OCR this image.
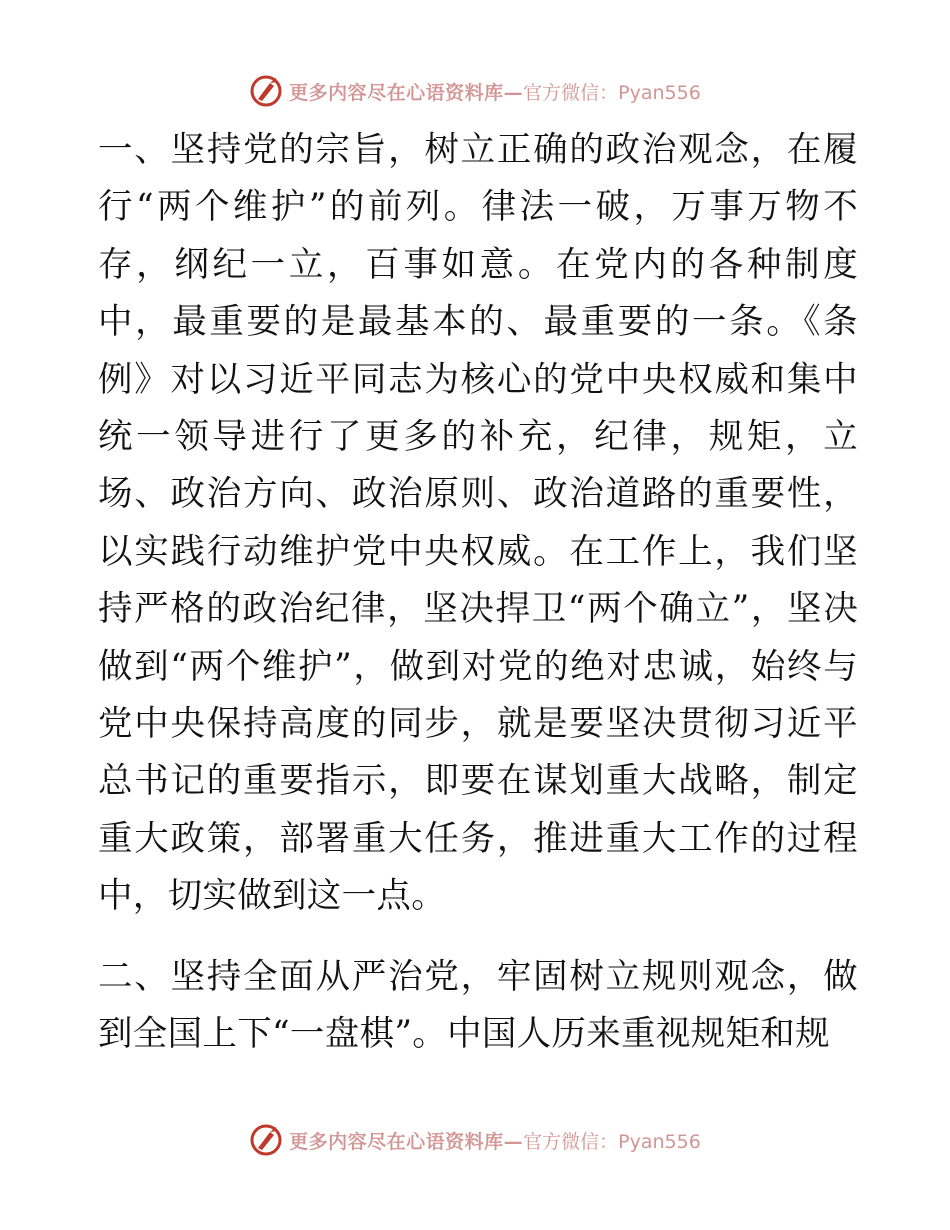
更多内容尽在心语资料库— 官方微信：Pyan556

一、坚持党的宗旨，树立正确的政治观念，在履行“两个维护”的前列。律法一破，万事万物不存，纲纪一立，百事如意。在党内的各种制度中，最重要的是最基本的、最重要的一条。《条例》对以习近平同志为核心的党中央权威和集中统一领导进行了更多的补充，纪律，规矩，立场、政治方向、政治原则、政治道路的重要性，以实践行动维护党中央权威。在工作上，我们坚持严格的政治纪律，坚决捍卫“两个确立”，坚决做到“两个维护”，做到对党的绝对忠诚，始终与党中央保持高度的同步，就是要坚决贯彻习近平总书记的重要指示，即要在谋划重大战略，制定重大政策，部署重大任务，推进重大工作的过程中，切实做到这一点。

二、坚持全面从严治党，牢固树立规则观念，做到全国上下“一盘棋”。中国人历来重视规矩和规

更多内容尽在心语资料库— 官方微信：Pyan556
